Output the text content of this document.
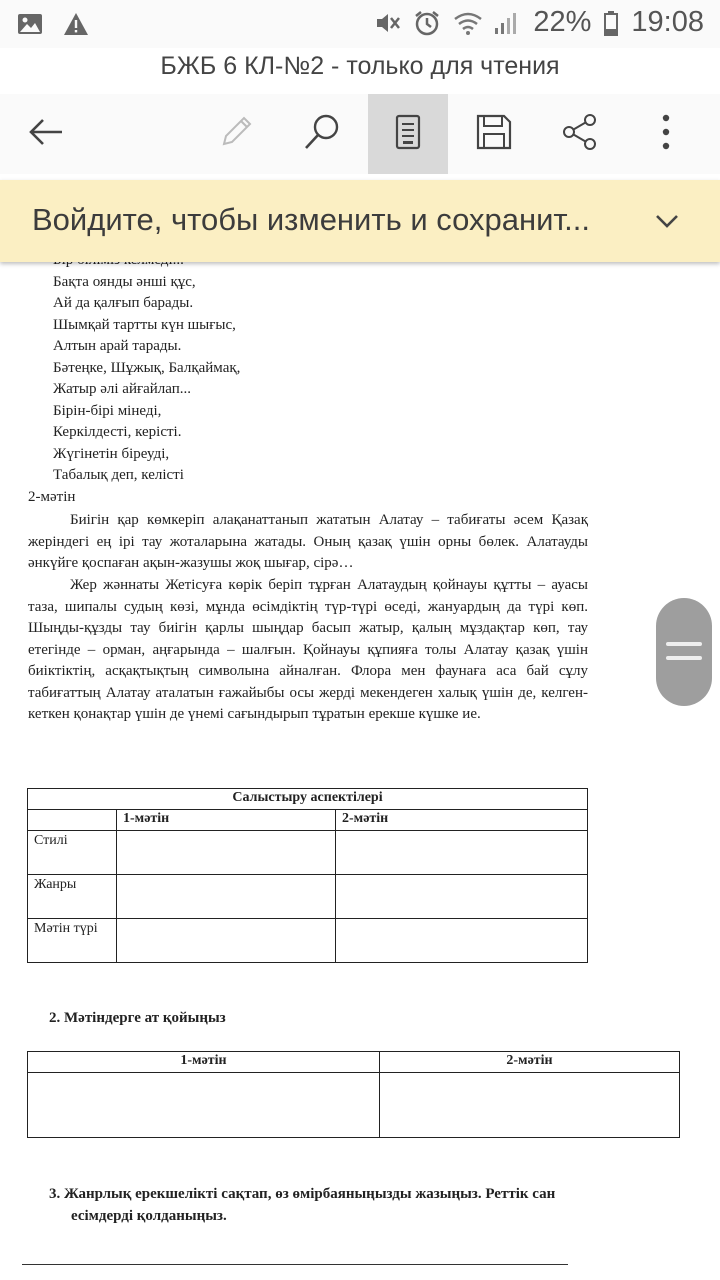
22% 19:08
БЖБ 6 КЛ-№2 - только для чтения
Войдите, чтобы изменить и сохранит...
Бақта оянды әнші құс,
Ай да қалғып барады.
Шымқай тартты күн шығыс,
Алтын арай тарады.
Бәтеңке, Шұжық, Балқаймақ,
Жатыр әлі айғайлап...
Бірін-бірі мінеді,
Керкілдесті, керісті.
Жүгінетін біреуді,
Табалық деп, келісті
2-мәтін
Биігін қар көмкеріп алақанаттанып жататын Алатау – табиғаты әсем Қазақ жеріндегі ең ірі тау жоталарына жатады. Оның қазақ үшін орны бөлек. Алатауды әнкүйге қоспаған ақын-жазушы жоқ шығар, сірә…
Жер жәннаты Жетісуға көрік беріп тұрған Алатаудың қойнауы құтты – ауасы таза, шипалы судың көзі, мұнда өсімдіктің түр-түрі өседі, жануардың да түрі көп. Шыңды-құзды тау биігін қарлы шыңдар басып жатыр, қалың мұздақтар көп, тау етегінде – орман, аңғарында – шалғын. Қойнауы құпияға толы Алатау қазақ үшін биіктіктің, асқақтықтың символына айналған. Флора мен фаунаға аса бай сұлу табиғаттың Алатау аталатын ғажайыбы осы жерді мекендеген халық үшін де, келген-кеткен қонақтар үшін де үнемі сағындырып тұратын ерекше күшке ие.
Салыстыру аспектілері		
	1-мәтін	2-мәтін
Стилі		
Жанры		
Мәтін түрі		
2. Мәтіндерге ат қойыңыз
1-мәтін	2-мәтін

3. Жанрлық ерекшелікті сақтап, өз өмірбаяныңызды жазыңыз. Реттік сан
есімдерді қолданыңыз.
